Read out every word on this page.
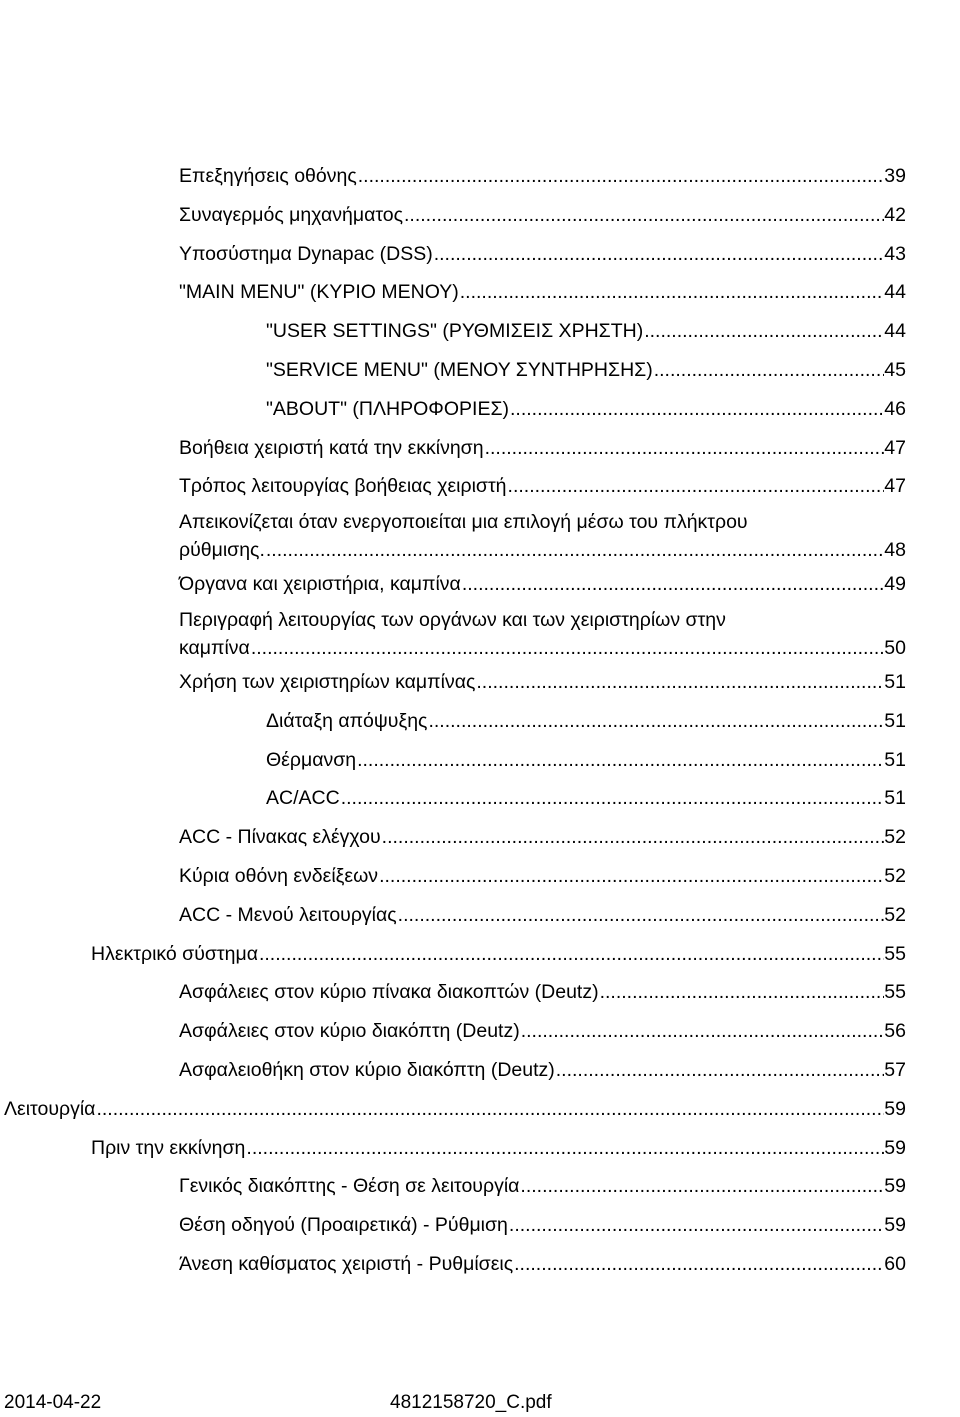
Επεξηγήσεις οθόνης .....	39
Συναγερμός μηχανήματος .....	42
Υποσύστημα Dynapac (DSS) .....	43
"MAIN MENU" (ΚΥΡΙΟ ΜΕΝΟΥ) .....	44
"USER SETTINGS" (ΡΥΘΜΙΣΕΙΣ ΧΡΗΣΤΗ) .....	44
"SERVICE MENU" (ΜΕΝΟΥ ΣΥΝΤΗΡΗΣΗΣ) .....	45
"ABOUT" (ΠΛΗΡΟΦΟΡΙΕΣ) .....	46
Βοήθεια χειριστή κατά την εκκίνηση .....	47
Τρόπος λειτουργίας βοήθειας χειριστή .....	47
Απεικονίζεται όταν ενεργοποιείται μια επιλογή μέσω του πλήκτρου
ρύθμισης. .....	48
Όργανα και χειριστήρια, καμπίνα .....	49
Περιγραφή λειτουργίας των οργάνων και των χειριστηρίων στην
καμπίνα .....	50
Χρήση των χειριστηρίων καμπίνας .....	51
Διάταξη απόψυξης .....	51
Θέρμανση .....	51
AC/ACC .....	51
ACC - Πίνακας ελέγχου .....	52
Κύρια οθόνη ενδείξεων .....	52
ACC - Μενού λειτουργίας .....	52
Ηλεκτρικό σύστημα .....	55
Ασφάλειες στον κύριο πίνακα διακοπτών (Deutz) .....	55
Ασφάλειες στον κύριο διακόπτη (Deutz) .....	56
Ασφαλειοθήκη στον κύριο διακόπτη (Deutz) .....	57
Λειτουργία .....	59
Πριν την εκκίνηση .....	59
Γενικός διακόπτης - Θέση σε λειτουργία .....	59
Θέση οδηγού (Προαιρετικά) - Ρύθμιση .....	59
Άνεση καθίσματος χειριστή - Ρυθμίσεις .....	60
2014-04-22	4812158720_C.pdf
